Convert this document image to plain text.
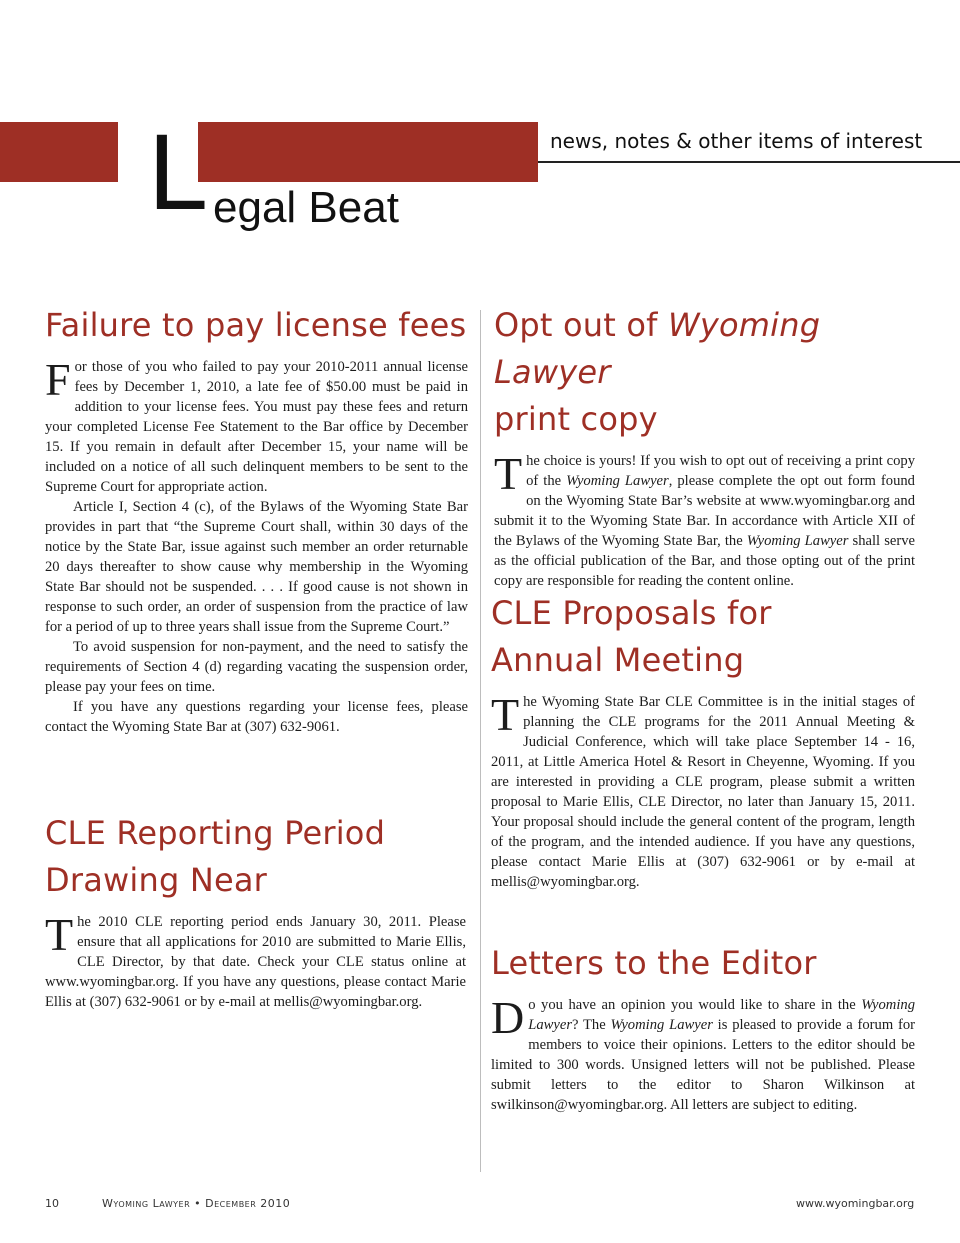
L egal Beat
news, notes & other items of interest
Failure to pay license fees

For those of you who failed to pay your 2010-2011 annual license fees by December 1, 2010, a late fee of $50.00 must be paid in addition to your license fees. You must pay these fees and return your completed License Fee Statement to the Bar office by December 15. If you remain in default after December 15, your name will be included on a notice of all such delinquent members to be sent to the Supreme Court for appropriate action.

Article I, Section 4 (c), of the Bylaws of the Wyoming State Bar provides in part that “the Supreme Court shall, within 30 days of the notice by the State Bar, issue against such member an order returnable 20 days thereafter to show cause why membership in the Wyoming State Bar should not be suspended. . . . If good cause is not shown in response to such order, an order of suspension from the practice of law for a period of up to three years shall issue from the Supreme Court.”

To avoid suspension for non-payment, and the need to satisfy the requirements of Section 4 (d) regarding vacating the suspension order, please pay your fees on time.

If you have any questions regarding your license fees, please contact the Wyoming State Bar at (307) 632-9061.

CLE Reporting Period
Drawing Near

The 2010 CLE reporting period ends January 30, 2011. Please ensure that all applications for 2010 are submitted to Marie Ellis, CLE Director, by that date. Check your CLE status online at www.wyomingbar.org. If you have any questions, please contact Marie Ellis at (307) 632-9061 or by e-mail at mellis@wyomingbar.org.

Opt out of Wyoming Lawyer
print copy

The choice is yours! If you wish to opt out of receiving a print copy of the Wyoming Lawyer, please complete the opt out form found on the Wyoming State Bar’s website at www.wyomingbar.org and submit it to the Wyoming State Bar. In accordance with Article XII of the Bylaws of the Wyoming State Bar, the Wyoming Lawyer shall serve as the official publication of the Bar, and those opting out of the print copy are responsible for reading the content online.

CLE Proposals for
Annual Meeting

The Wyoming State Bar CLE Committee is in the initial stages of planning the CLE programs for the 2011 Annual Meeting & Judicial Conference, which will take place September 14 - 16, 2011, at Little America Hotel & Resort in Cheyenne, Wyoming. If you are interested in providing a CLE program, please submit a written proposal to Marie Ellis, CLE Director, no later than January 15, 2011. Your proposal should include the general content of the program, length of the program, and the intended audience. If you have any questions, please contact Marie Ellis at (307) 632-9061 or by e-mail at mellis@wyomingbar.org.

Letters to the Editor

Do you have an opinion you would like to share in the Wyoming Lawyer? The Wyoming Lawyer is pleased to provide a forum for members to voice their opinions. Letters to the editor should be limited to 300 words. Unsigned letters will not be published. Please submit letters to the editor to Sharon Wilkinson at swilkinson@wyomingbar.org. All letters are subject to editing.

10	Wyoming Lawyer • December 2010	www.wyomingbar.org
